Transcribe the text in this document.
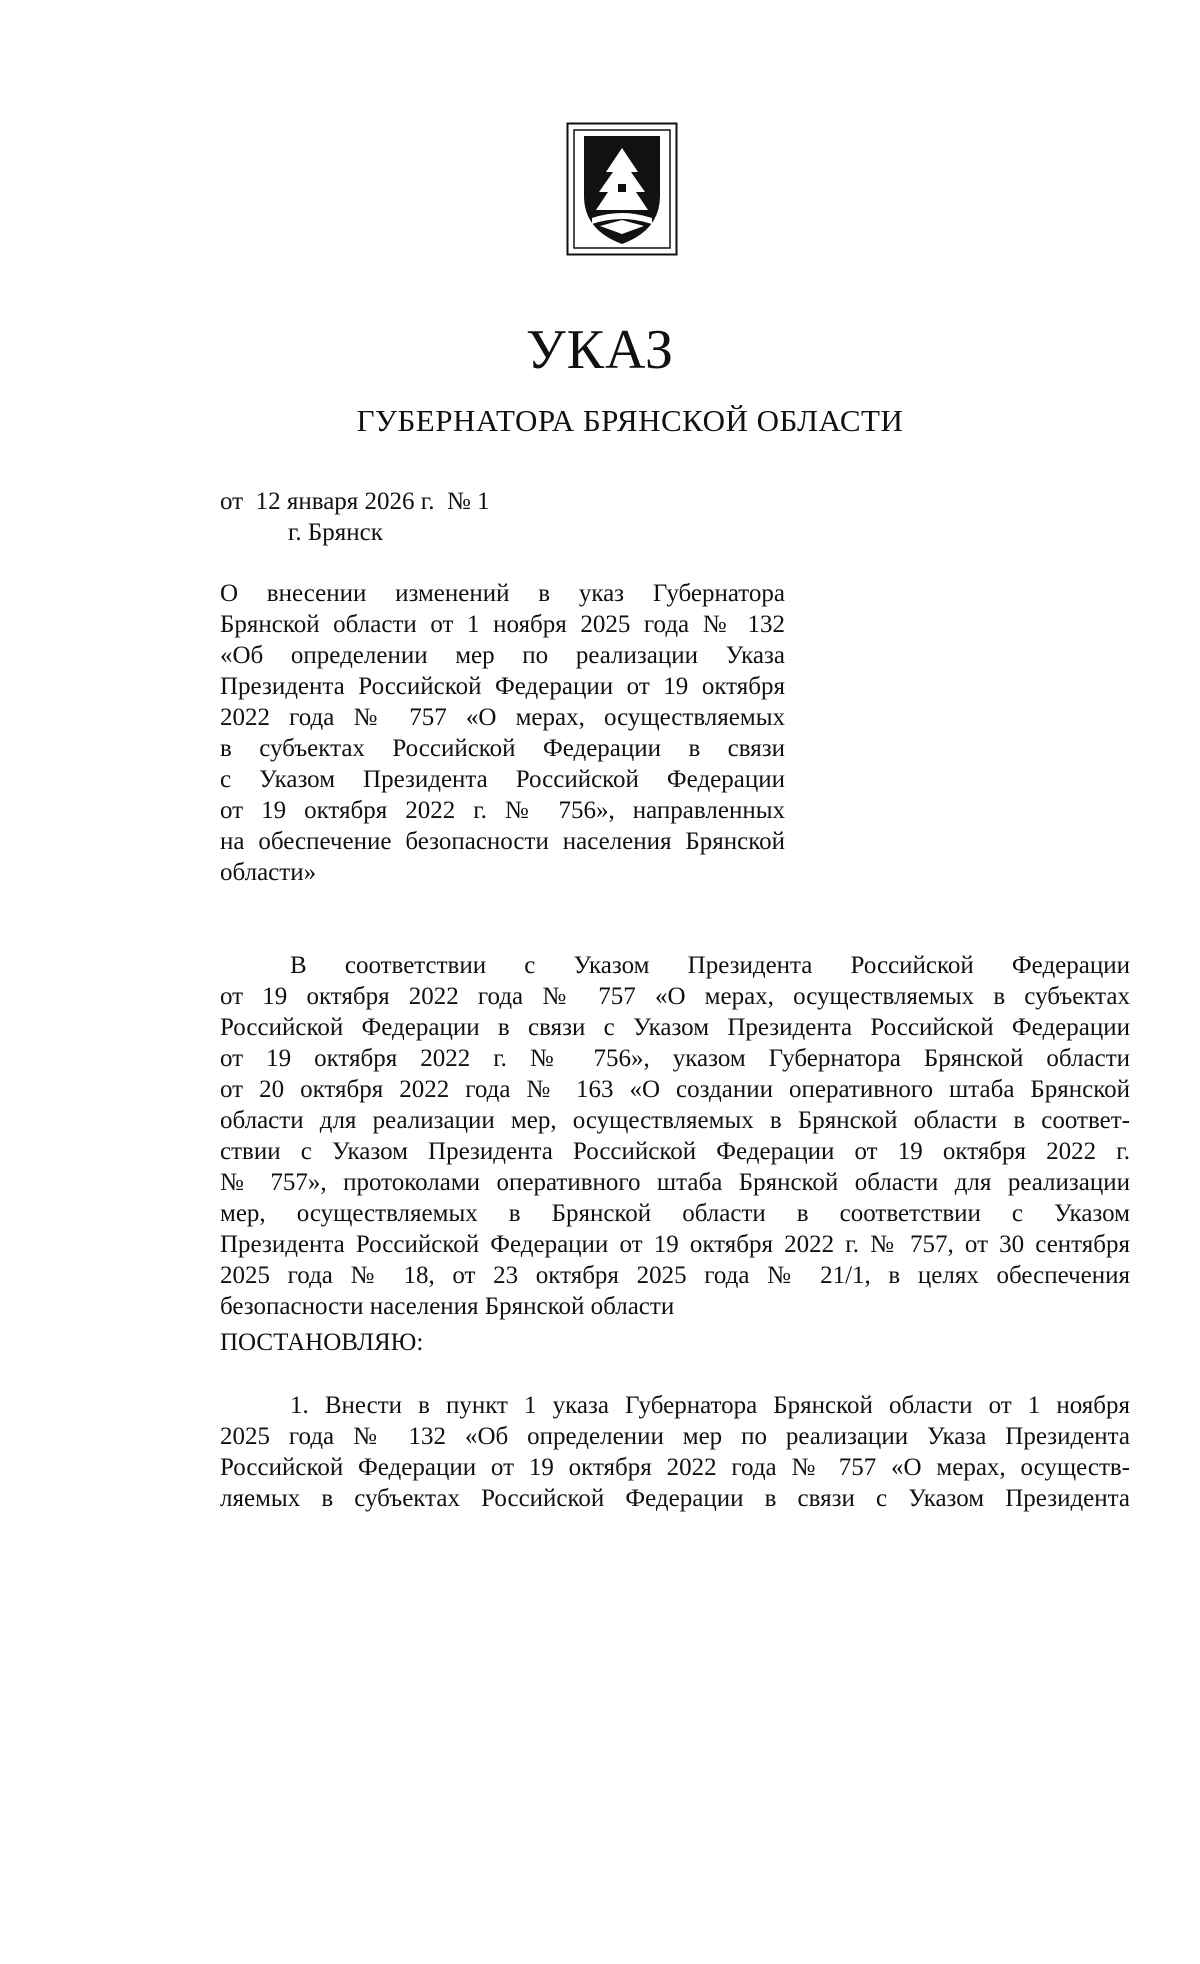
УКАЗ
ГУБЕРНАТОРА БРЯНСКОЙ ОБЛАСТИ
от  12 января 2026 г.  № 1
г. Брянск
О внесении изменений в указ Губернатора
Брянской области от 1 ноября 2025 года № 132
«Об определении мер по реализации Указа
Президента Российской Федерации от 19 октября
2022 года № 757 «О мерах, осуществляемых
в субъектах Российской Федерации в связи
с Указом Президента Российской Федерации
от 19 октября 2022 г. № 756», направленных
на обеспечение безопасности населения Брянской
области»
В соответствии с Указом Президента Российской Федерации
от 19 октября 2022 года № 757 «О мерах, осуществляемых в субъектах
Российской Федерации в связи с Указом Президента Российской Федерации
от 19 октября 2022 г. № 756», указом Губернатора Брянской области
от 20 октября 2022 года № 163 «О создании оперативного штаба Брянской
области для реализации мер, осуществляемых в Брянской области в соответ-
ствии с Указом Президента Российской Федерации от 19 октября 2022 г.
№ 757», протоколами оперативного штаба Брянской области для реализации
мер, осуществляемых в Брянской области в соответствии с Указом
Президента Российской Федерации от 19 октября 2022 г. № 757, от 30 сентября
2025 года № 18, от 23 октября 2025 года № 21/1, в целях обеспечения
безопасности населения Брянской области
ПОСТАНОВЛЯЮ:
1. Внести в пункт 1 указа Губернатора Брянской области от 1 ноября
2025 года № 132 «Об определении мер по реализации Указа Президента
Российской Федерации от 19 октября 2022 года № 757 «О мерах, осуществ-
ляемых в субъектах Российской Федерации в связи с Указом Президента
